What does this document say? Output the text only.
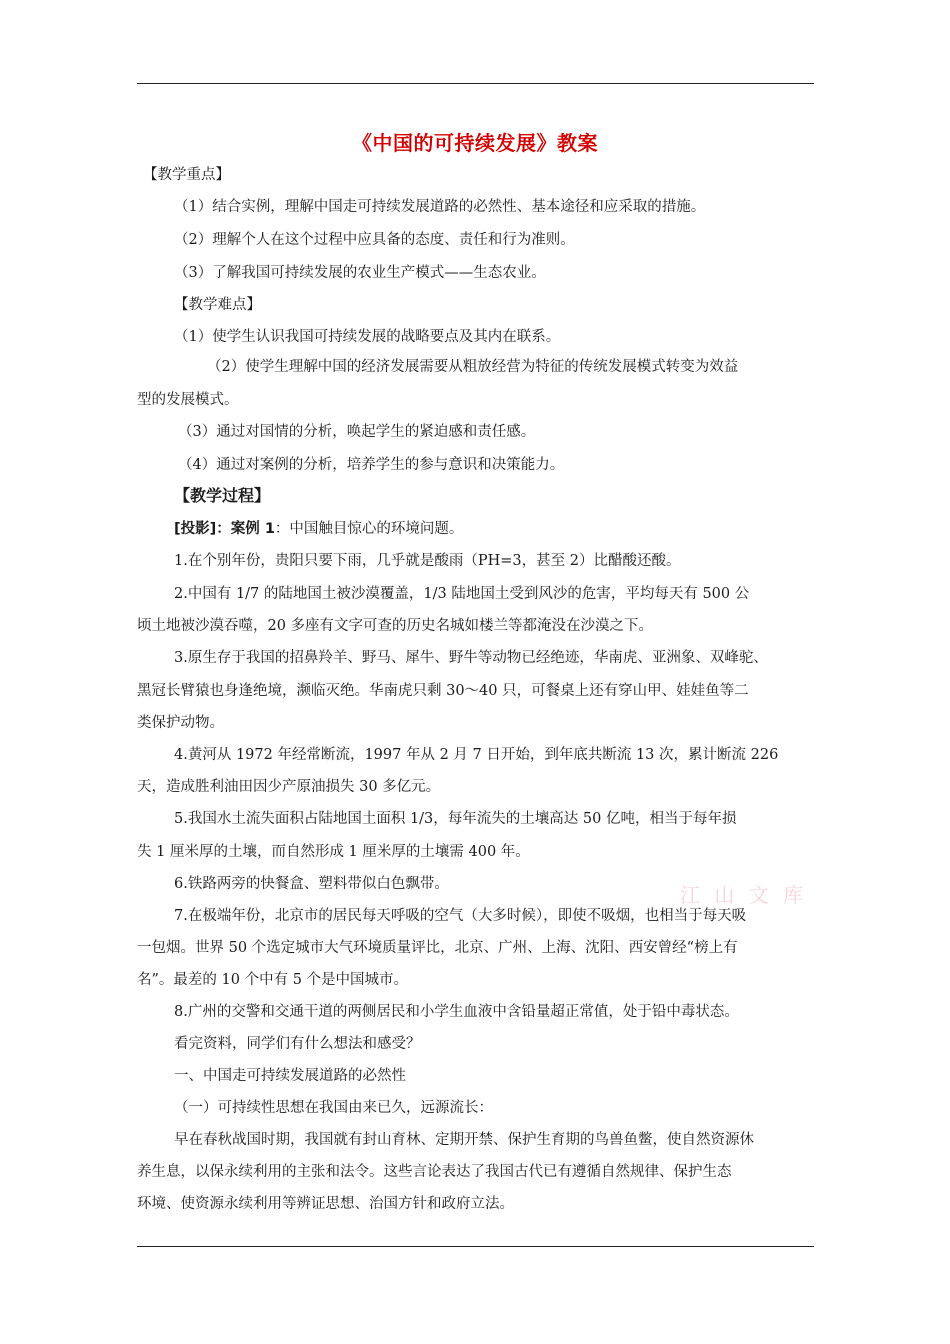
《中国的可持续发展》教案
【教学重点】
（1）结合实例，理解中国走可持续发展道路的必然性、基本途径和应采取的措施。
（2）理解个人在这个过程中应具备的态度、责任和行为准则。
（3）了解我国可持续发展的农业生产模式——生态农业。
【教学难点】
（1）使学生认识我国可持续发展的战略要点及其内在联系。
（2）使学生理解中国的经济发展需要从粗放经营为特征的传统发展模式转变为效益
型的发展模式。
（3）通过对国情的分析，唤起学生的紧迫感和责任感。
（4）通过对案例的分析，培养学生的参与意识和决策能力。
【教学过程】
[投影]：案例 1：中国触目惊心的环境问题。
1.在个别年份，贵阳只要下雨，几乎就是酸雨（PH=3，甚至 2）比醋酸还酸。
2.中国有 1/7 的陆地国土被沙漠覆盖，1/3 陆地国土受到风沙的危害，平均每天有 500 公
顷土地被沙漠吞噬，20 多座有文字可查的历史名城如楼兰等都淹没在沙漠之下。
3.原生存于我国的招鼻羚羊、野马、犀牛、野牛等动物已经绝迹，华南虎、亚洲象、双峰驼、
黑冠长臂猿也身逢绝境，濒临灭绝。华南虎只剩 30～40 只，可餐桌上还有穿山甲、娃娃鱼等二
类保护动物。
4.黄河从 1972 年经常断流，1997 年从 2 月 7 日开始，到年底共断流 13 次，累计断流 226
天，造成胜利油田因少产原油损失 30 多亿元。
5.我国水土流失面积占陆地国土面积 1/3，每年流失的土壤高达 50 亿吨，相当于每年损
失 1 厘米厚的土壤，而自然形成 1 厘米厚的土壤需 400 年。
6.铁路两旁的快餐盒、塑料带似白色飘带。
7.在极端年份，北京市的居民每天呼吸的空气（大多时候），即使不吸烟，也相当于每天吸
一包烟。世界 50 个选定城市大气环境质量评比，北京、广州、上海、沈阳、西安曾经“榜上有
名”。最差的 10 个中有 5 个是中国城市。
8.广州的交警和交通干道的两侧居民和小学生血液中含铅量超正常值，处于铅中毒状态。
看完资料，同学们有什么想法和感受？
一、中国走可持续发展道路的必然性
（一）可持续性思想在我国由来已久，远源流长：
早在春秋战国时期，我国就有封山育林、定期开禁、保护生育期的鸟兽鱼鳖，使自然资源休
养生息，以保永续利用的主张和法令。这些言论表达了我国古代已有遵循自然规律、保护生态
环境、使资源永续利用等辨证思想、治国方针和政府立法。
江 山 文 库
